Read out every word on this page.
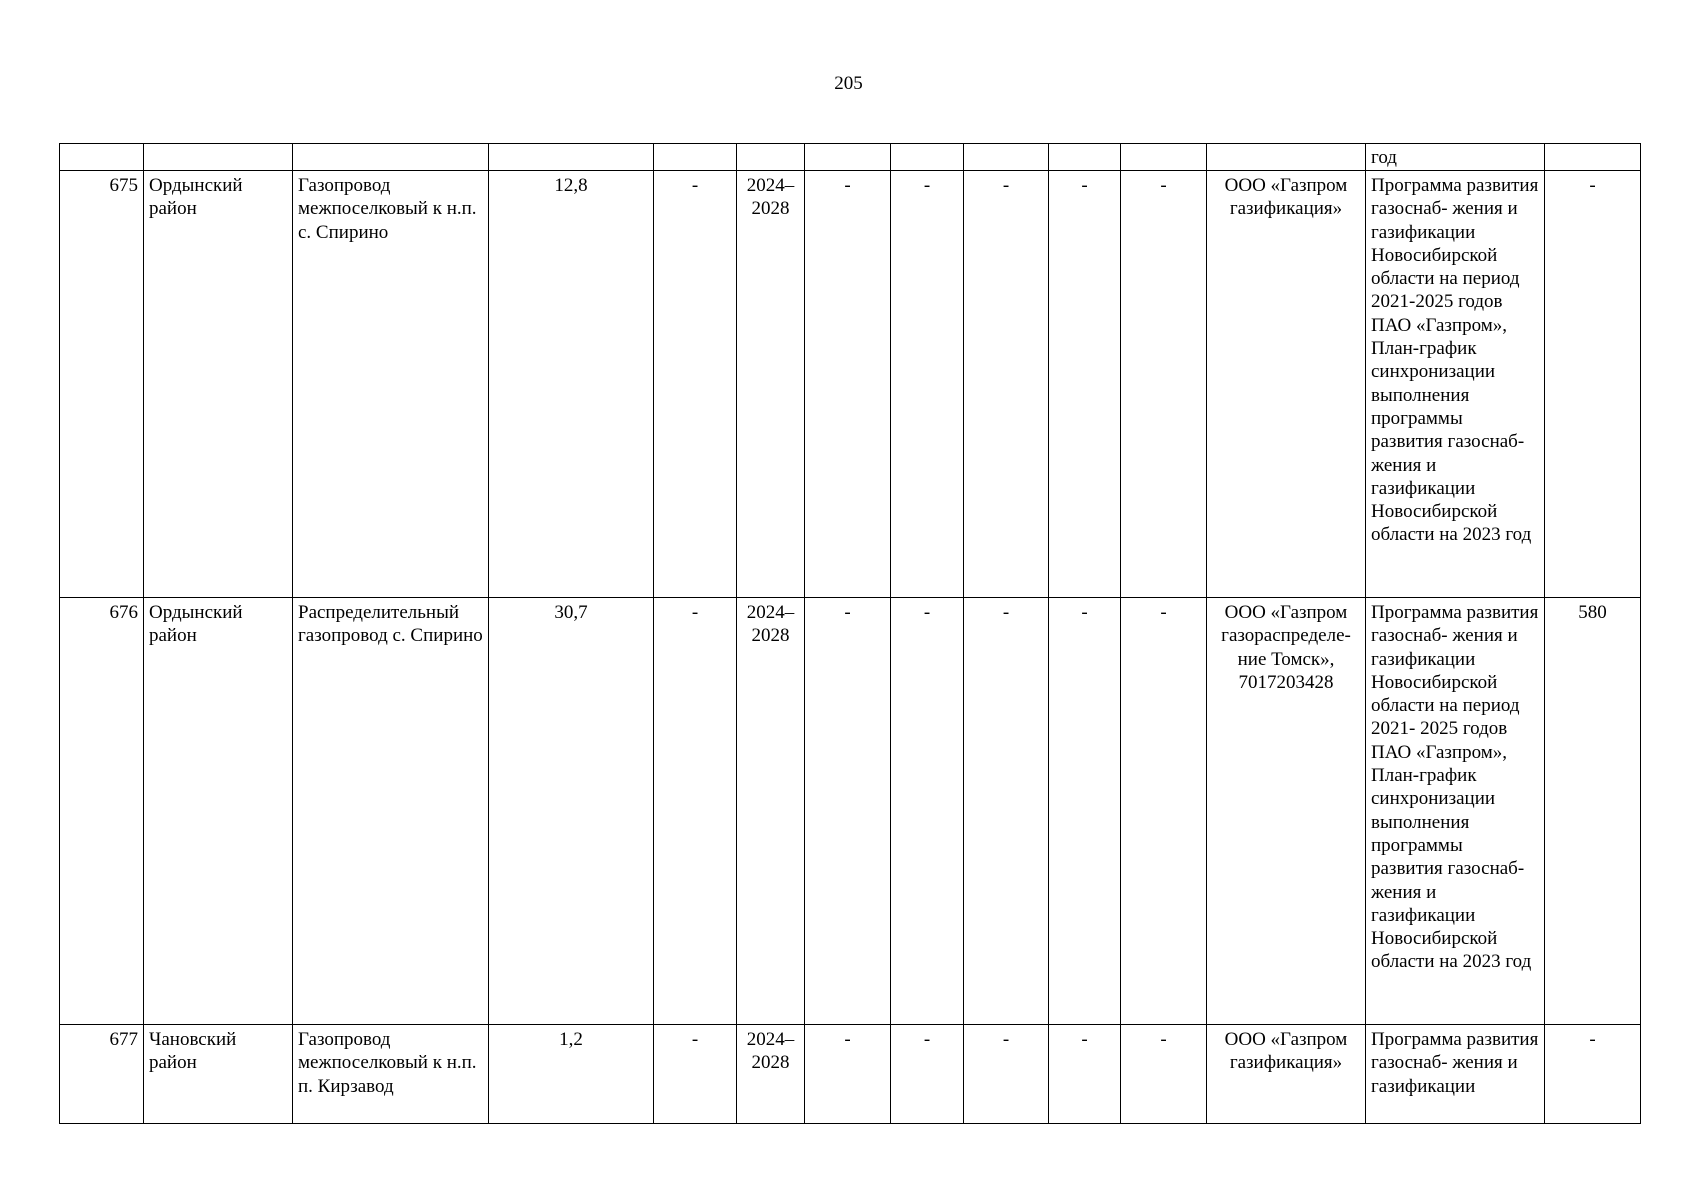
205
												год	
675	Ордынский район	Газопровод межпоселковый к н.п. с. Спирино	12,8	-	2024– 2028	-	-	-	-	-	ООО «Газпром газификация»	Программа развития газоснаб- жения и газификации Новосибирской области на период 2021-2025 годов ПАО «Газпром», План-график синхронизации выполнения программы развития газоснаб- жения и газификации Новосибирской области на 2023 год	-
676	Ордынский район	Распределительный газопровод с. Спирино	30,7	-	2024– 2028	-	-	-	-	-	ООО «Газпром газораспределе- ние Томск», 7017203428	Программа развития газоснаб- жения и газификации Новосибирской области на период 2021- 2025 годов ПАО «Газпром», План-график синхронизации выполнения программы развития газоснаб- жения и газификации Новосибирской области на 2023 год	580
677	Чановский район	Газопровод межпоселковый к н.п. п. Кирзавод	1,2	-	2024– 2028	-	-	-	-	-	ООО «Газпром газификация»	Программа развития газоснаб- жения и газификации	-
